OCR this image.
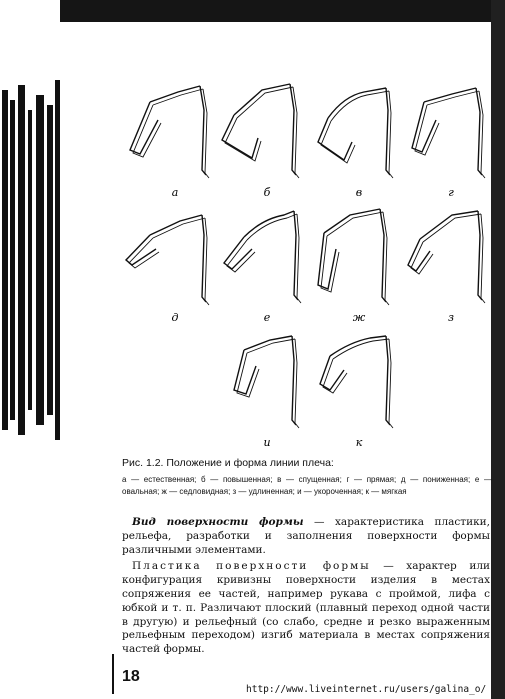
а	б	в	г
д	е	ж	з
и	к

Рис. 1.2. Положение и форма линии плеча:

а — естественная; б — повышенная; в — спущенная; г — прямая; д — пониженная; е — овальная; ж — седловидная; з — удлиненная; и — укороченная; к — мягкая

Вид поверхности формы — характеристика пластики, рельефа, разработки и заполнения поверхности формы различными элементами.

Пластика поверхности формы — характер или конфигурация кривизны поверхности изделия в местах сопряжения ее частей, например рукава с проймой, лифа с юбкой и т. п. Различают плоский (плавный переход одной части в другую) и рельефный (со слабо, средне и резко выраженным рельефным переходом) изгиб материала в местах сопряжения частей формы.

18
http://www.liveinternet.ru/users/galina_o/
